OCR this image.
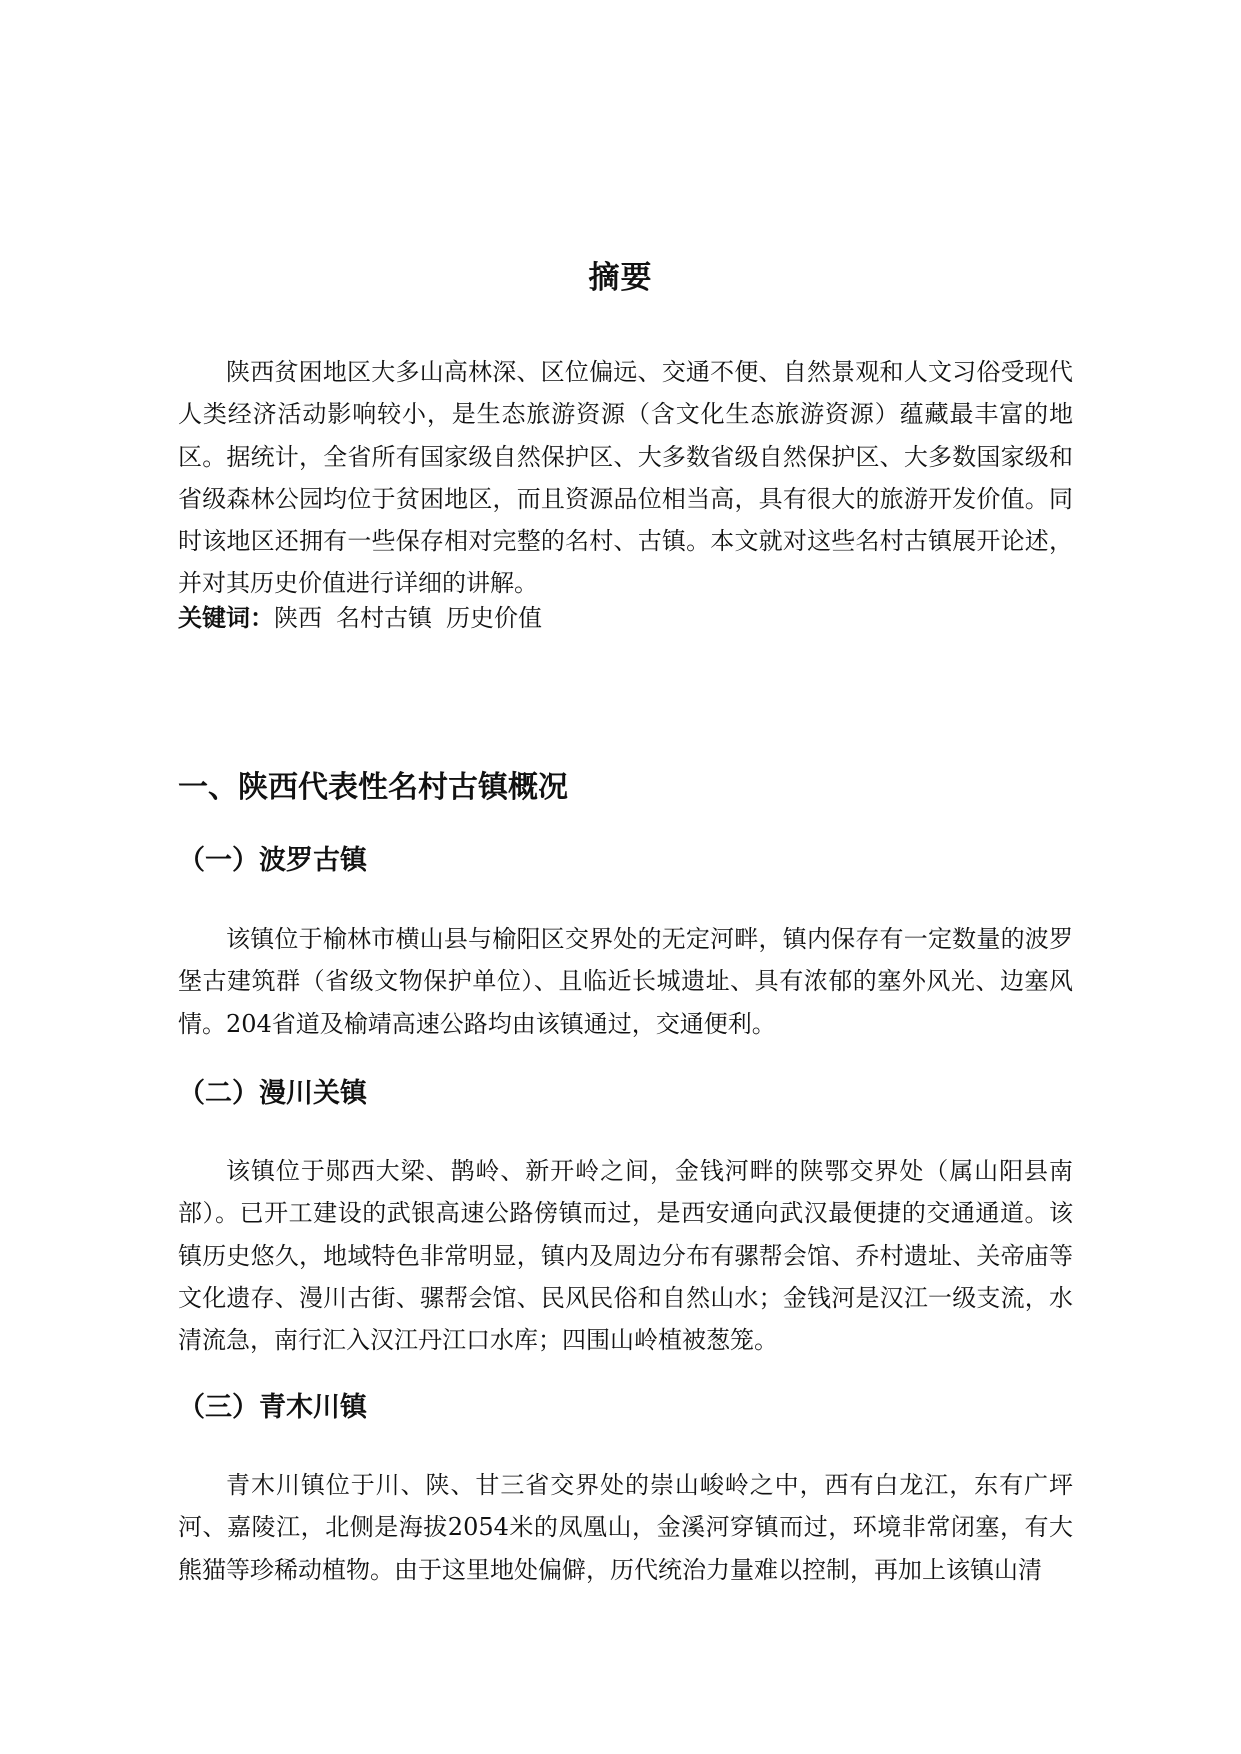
摘要

陕西贫困地区大多山高林深、区位偏远、交通不便、自然景观和人文习俗受现代人类经济活动影响较小，是生态旅游资源（含文化生态旅游资源）蕴藏最丰富的地区。据统计，全省所有国家级自然保护区、大多数省级自然保护区、大多数国家级和省级森林公园均位于贫困地区，而且资源品位相当高，具有很大的旅游开发价值。同时该地区还拥有一些保存相对完整的名村、古镇。本文就对这些名村古镇展开论述，并对其历史价值进行详细的讲解。

关键词：陕西 名村古镇 历史价值

一、陕西代表性名村古镇概况
（一）波罗古镇

该镇位于榆林市横山县与榆阳区交界处的无定河畔，镇内保存有一定数量的波罗堡古建筑群（省级文物保护单位）、且临近长城遗址、具有浓郁的塞外风光、边塞风情。204省道及榆靖高速公路均由该镇通过，交通便利。

（二）漫川关镇

该镇位于郧西大梁、鹊岭、新开岭之间，金钱河畔的陕鄂交界处（属山阳县南部）。已开工建设的武银高速公路傍镇而过，是西安通向武汉最便捷的交通通道。该镇历史悠久，地域特色非常明显，镇内及周边分布有骡帮会馆、乔村遗址、关帝庙等文化遗存、漫川古街、骡帮会馆、民风民俗和自然山水；金钱河是汉江一级支流，水清流急，南行汇入汉江丹江口水库；四围山岭植被葱笼。

（三）青木川镇

青木川镇位于川、陕、甘三省交界处的崇山峻岭之中，西有白龙江，东有广坪河、嘉陵江，北侧是海拔2054米的凤凰山，金溪河穿镇而过，环境非常闭塞，有大熊猫等珍稀动植物。由于这里地处偏僻，历代统治力量难以控制，再加上该镇山清
